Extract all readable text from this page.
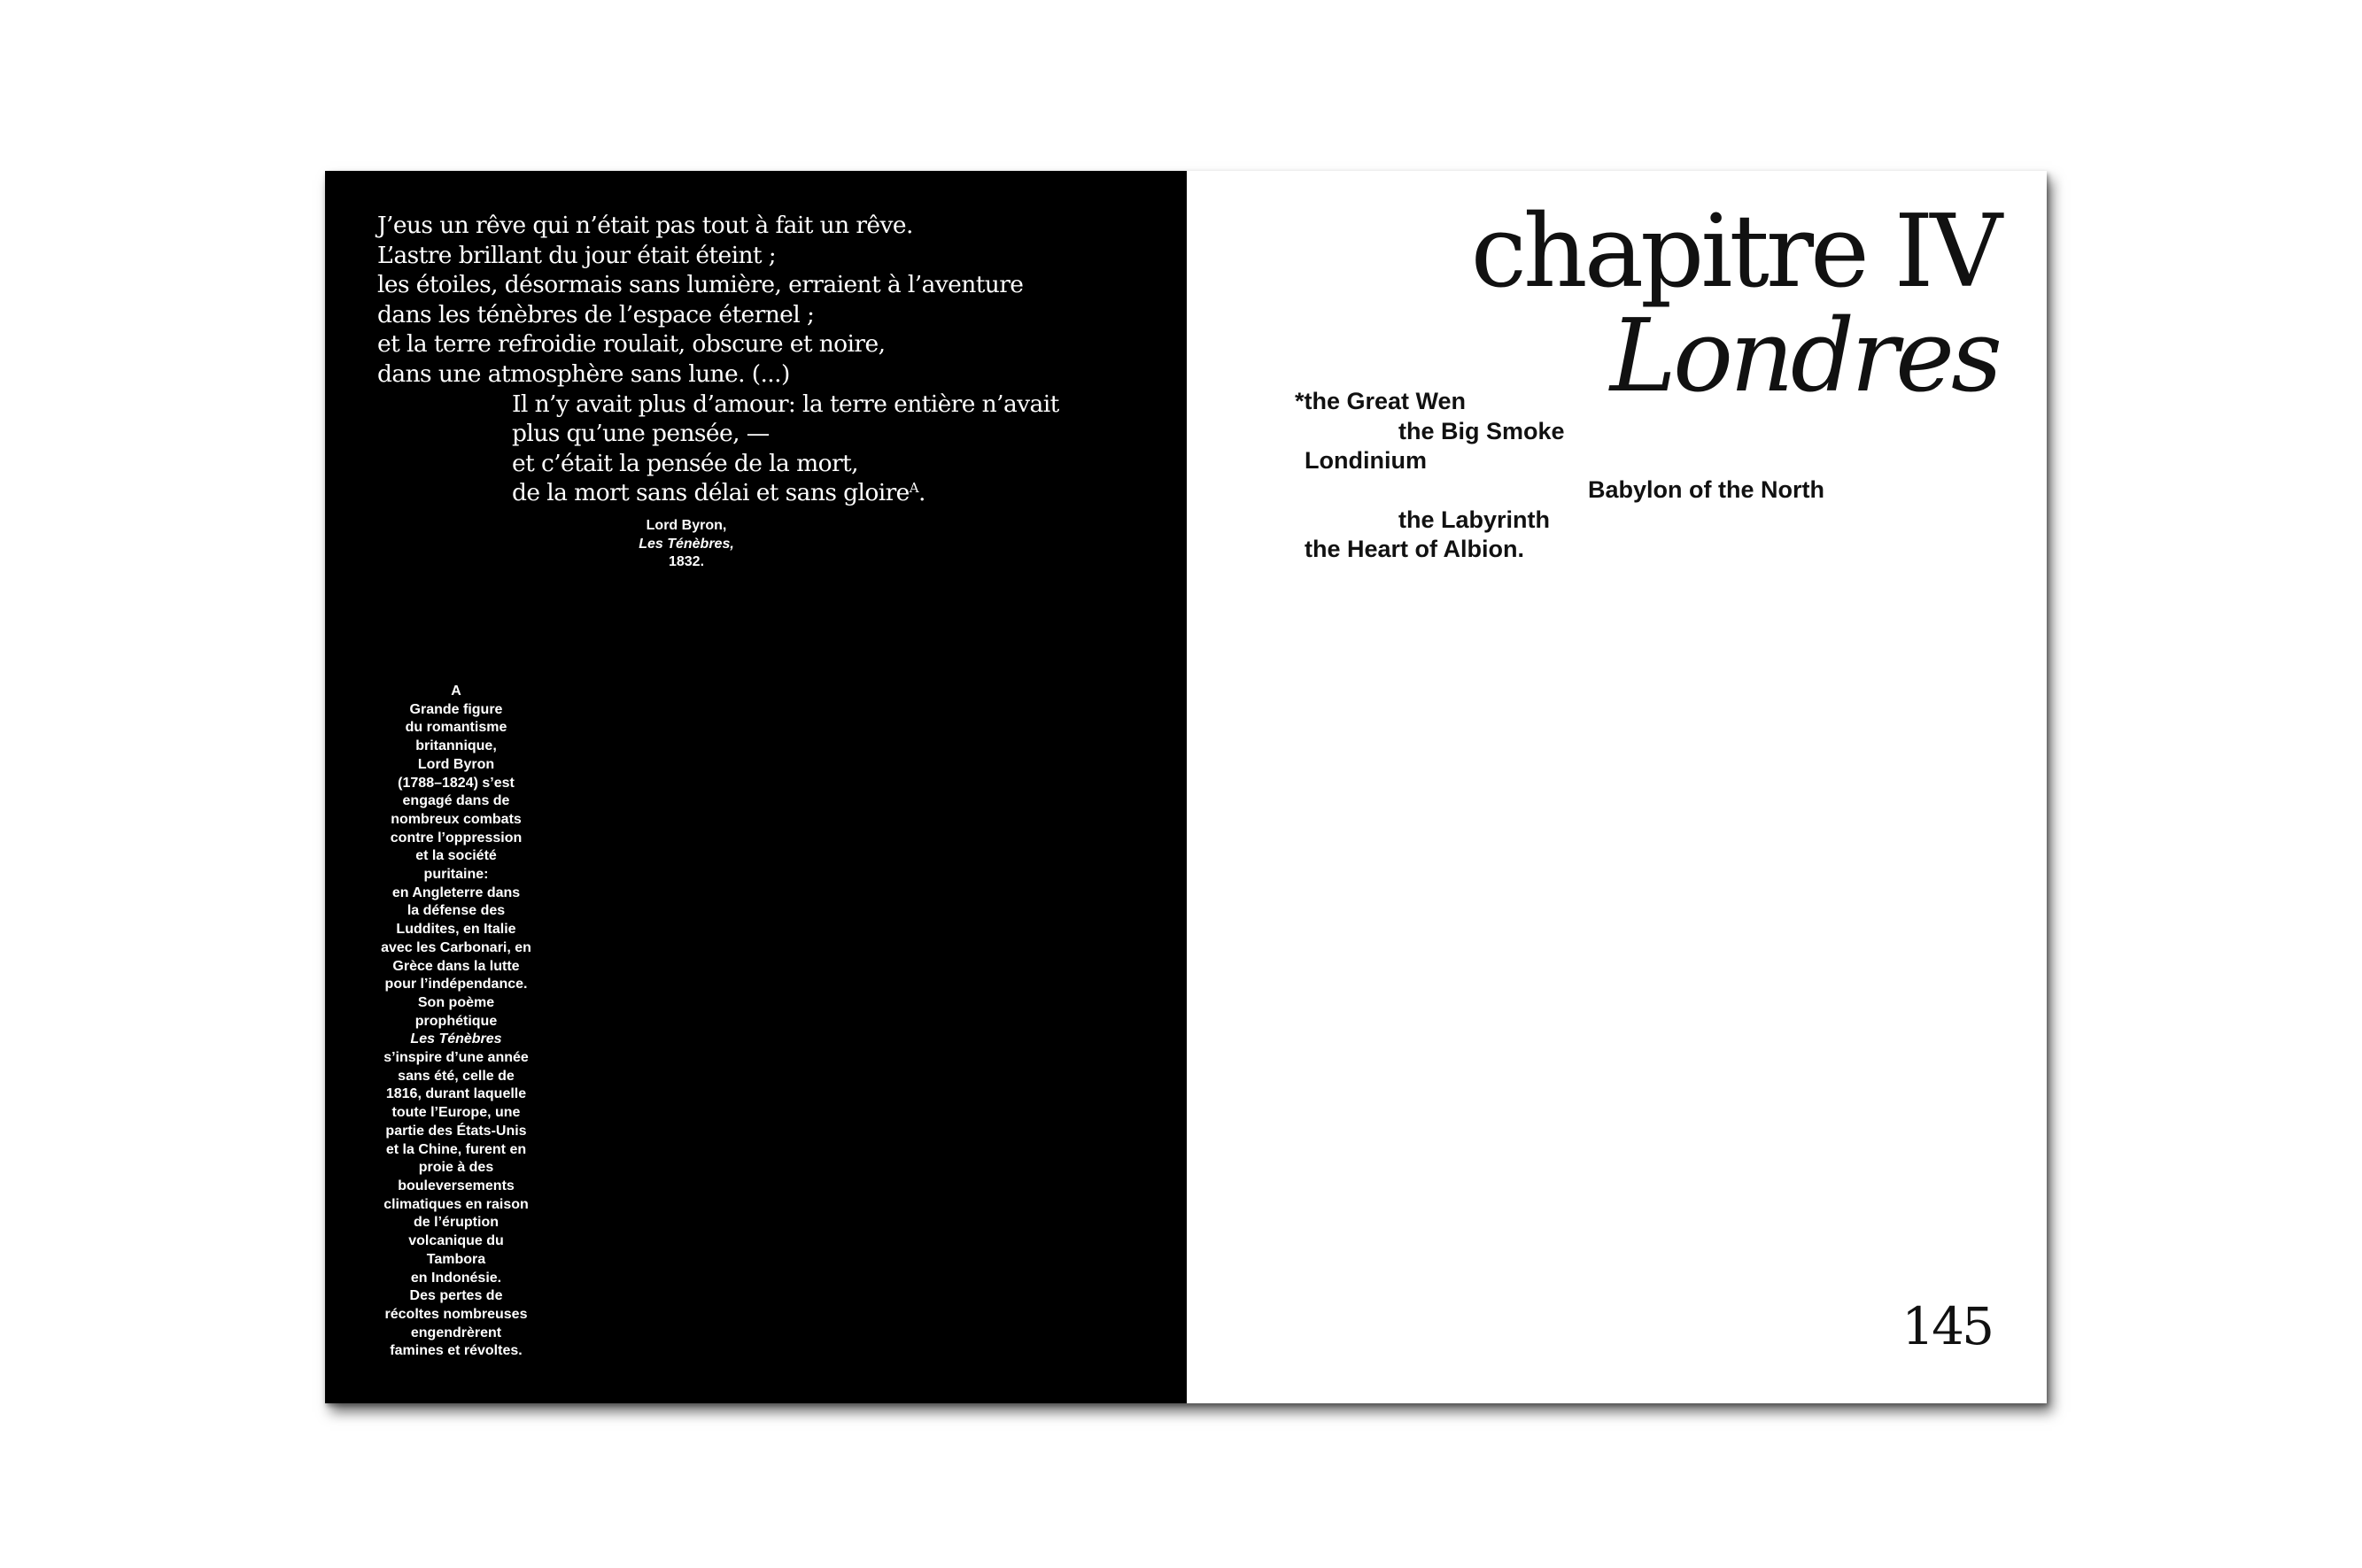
J’eus un rêve qui n’était pas tout à fait un rêve.
L’astre brillant du jour était éteint ;
les étoiles, désormais sans lumière, erraient à l’aventure
dans les ténèbres de l’espace éternel ;
et la terre refroidie roulait, obscure et noire,
dans une atmosphère sans lune. (...)
Il n’y avait plus d’amour: la terre entière n’avait
plus qu’une pensée, —
et c’était la pensée de la mort,
de la mort sans délai et sans gloire$^A$.
Lord Byron,
Les Ténèbres,
1832.
A
Grande figure
du romantisme
britannique,
Lord Byron
(1788–1824) s’est
engagé dans de
nombreux combats
contre l’oppression
et la société
puritaine:
en Angleterre dans
la défense des
Luddites, en Italie
avec les Carbonari, en
Grèce dans la lutte
pour l’indépendance.
Son poème
prophétique
Les Ténèbres
s’inspire d’une année
sans été, celle de
1816, durant laquelle
toute l’Europe, une
partie des États-Unis
et la Chine, furent en
proie à des
bouleversements
climatiques en raison
de l’éruption
volcanique du
Tambora
en Indonésie.
Des pertes de
récoltes nombreuses
engendrèrent
famines et révoltes.
chapitre IV
Londres
*the Great Wen
the Big Smoke
Londinium
Babylon of the North
the Labyrinth
the Heart of Albion.
145
